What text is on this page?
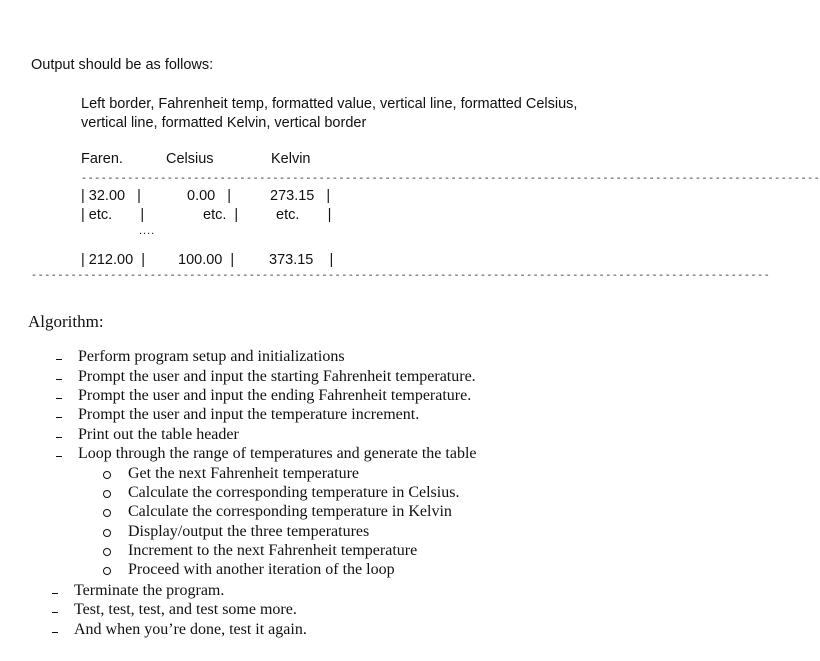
Output should be as follows:
Left border, Fahrenheit temp, formatted value, vertical line, formatted Celsius,
vertical line, formatted Kelvin, vertical border
Faren.	Celsius	Kelvin
----------------------------------------------------------------------------------------------------------------
| 32.00   |	0.00   |	273.15   |
| etc.       |	etc.  |	etc.       |
....
| 212.00  | 100.00  | 373.15    |
----------------------------------------------------------------------------------------------------------------
Algorithm:
Perform program setup and initializations
Prompt the user and input the starting Fahrenheit temperature.
Prompt the user and input the ending Fahrenheit temperature.
Prompt the user and input the temperature increment.
Print out the table header
Loop through the range of temperatures and generate the table
Get the next Fahrenheit temperature
Calculate the corresponding temperature in Celsius.
Calculate the corresponding temperature in Kelvin
Display/output the three temperatures
Increment to the next Fahrenheit temperature
Proceed with another iteration of the loop
Terminate the program.
Test, test, test, and test some more.
And when you’re done, test it again.
